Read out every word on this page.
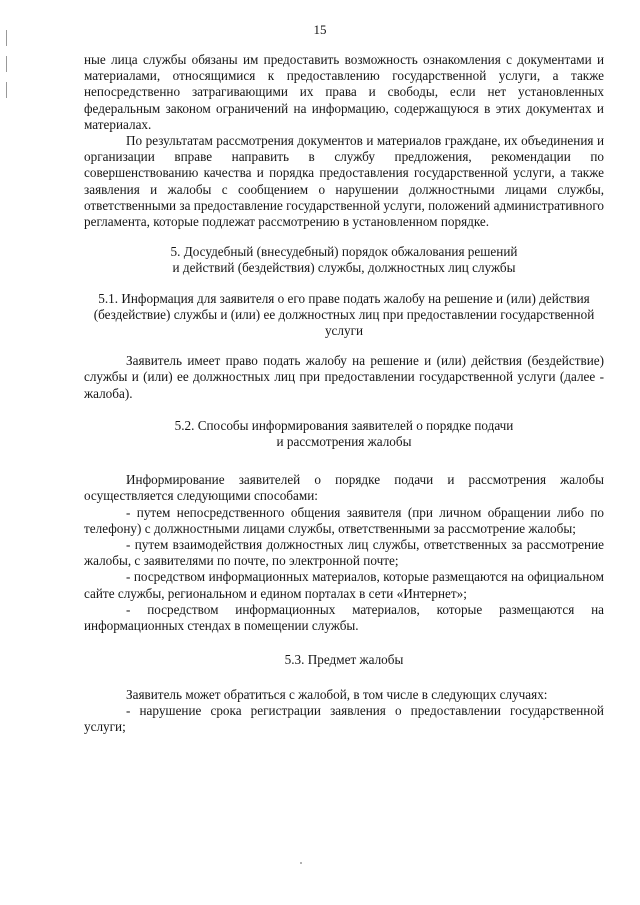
15

ные лица службы обязаны им предоставить возможность ознакомления с документами и материалами, относящимися к предоставлению государственной услуги, а также непосредственно затрагивающими их права и свободы, если нет установленных федеральным законом ограничений на информацию, содержащуюся в этих документах и материалах.

По результатам рассмотрения документов и материалов граждане, их объединения и организации вправе направить в службу предложения, рекомендации по совершенствованию качества и порядка предоставления государственной услуги, а также заявления и жалобы с сообщением о нарушении должностными лицами службы, ответственными за предоставление государственной услуги, положений административного регламента, которые подлежат рассмотрению в установленном порядке.

5. Досудебный (внесудебный) порядок обжалования решений
и действий (бездействия) службы, должностных лиц службы

5.1. Информация для заявителя о его праве подать жалобу на решение и (или) действия (бездействие) службы и (или) ее должностных лиц при предоставлении государственной услуги

Заявитель имеет право подать жалобу на решение и (или) действия (бездействие) службы и (или) ее должностных лиц при предоставлении государственной услуги (далее - жалоба).

5.2. Способы информирования заявителей о порядке подачи
и рассмотрения жалобы

Информирование заявителей о порядке подачи и рассмотрения жалобы осуществляется следующими способами:

- путем непосредственного общения заявителя (при личном обращении либо по телефону) с должностными лицами службы, ответственными за рассмотрение жалобы;

- путем взаимодействия должностных лиц службы, ответственных за рассмотрение жалобы, с заявителями по почте, по электронной почте;

- посредством информационных материалов, которые размещаются на официальном сайте службы, региональном и едином порталах в сети «Интернет»;

- посредством информационных материалов, которые размещаются на информационных стендах в помещении службы.

5.3. Предмет жалобы

Заявитель может обратиться с жалобой, в том числе в следующих случаях:

- нарушение срока регистрации заявления о предоставлении государственной услуги;
